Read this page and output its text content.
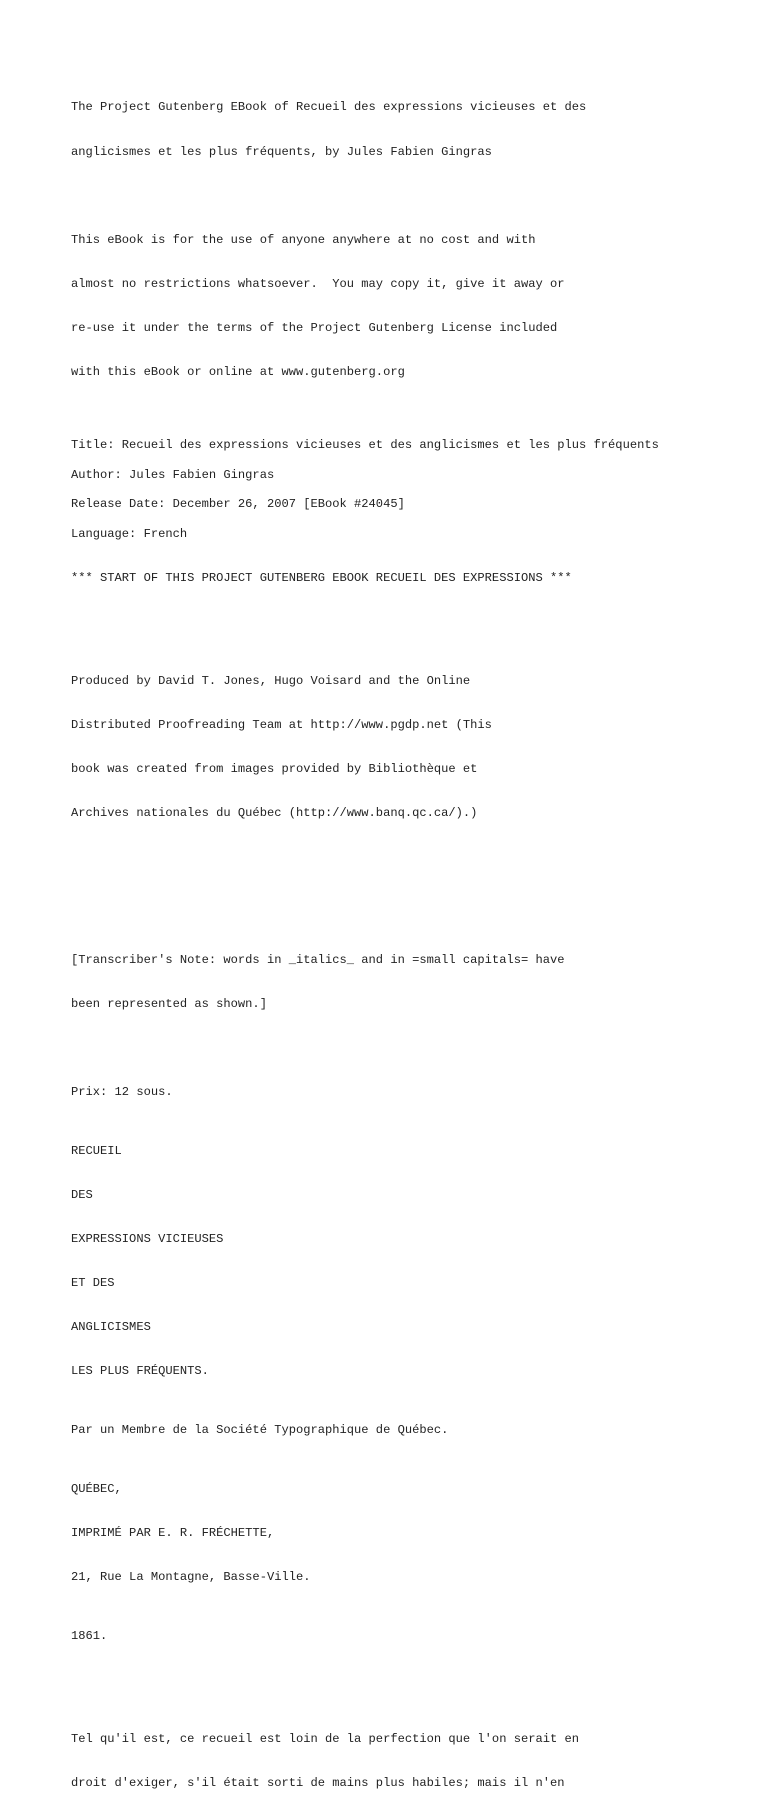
The Project Gutenberg EBook of Recueil des expressions vicieuses et des

anglicismes et les plus fréquents, by Jules Fabien Gingras

This eBook is for the use of anyone anywhere at no cost and with

almost no restrictions whatsoever.  You may copy it, give it away or

re-use it under the terms of the Project Gutenberg License included

with this eBook or online at www.gutenberg.org

Title: Recueil des expressions vicieuses et des anglicismes et les plus fréquents
Author: Jules Fabien Gingras
Release Date: December 26, 2007 [EBook #24045]
Language: French
*** START OF THIS PROJECT GUTENBERG EBOOK RECUEIL DES EXPRESSIONS ***

Produced by David T. Jones, Hugo Voisard and the Online

Distributed Proofreading Team at http://www.pgdp.net (This

book was created from images provided by Bibliothèque et

Archives nationales du Québec (http://www.banq.qc.ca/).)

[Transcriber's Note: words in _italics_ and in =small capitals= have

been represented as shown.]

Prix: 12 sous.

RECUEIL

DES

EXPRESSIONS VICIEUSES

ET DES

ANGLICISMES

LES PLUS FRÉQUENTS.

Par un Membre de la Société Typographique de Québec.

QUÉBEC,

IMPRIMÉ PAR E. R. FRÉCHETTE,

21, Rue La Montagne, Basse-Ville.

1861.

Tel qu'il est, ce recueil est loin de la perfection que l'on serait en

droit d'exiger, s'il était sorti de mains plus habiles; mais il n'en
